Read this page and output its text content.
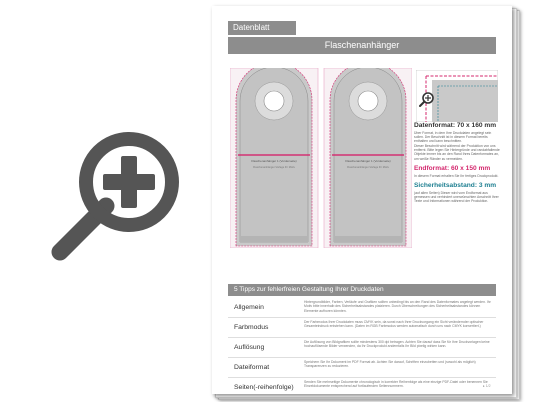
Datenblatt
Flaschenanhänger
Flaschenanhänger 1 (Vorderseite)	Flaschenanhänger 1 (Vorderseite)
Flaschenanhänger-Vorlage Ihr Motiv	Flaschenanhänger-Vorlage Ihr Motiv
Datenformat: 70 x 160 mm

Über Format, in dem Ihre Druckdaten angelegt sein sollen. Der Beschnitt ist in diesem Format bereits enthalten und kann beschnitten.

Dieser Beschnitt wird während der Produktion von uns entfernt. Bitte legen Sie Hintergründe und randabfallende Objekte immer bis an den Rand Ihres Datenformates an, um weiße Ränder zu vermeiden.

Endformat: 60 x 150 mm

In diesem Format erhalten Sie Ihr fertiges Druckprodukt.

Sicherheitsabstand: 3 mm

(auf allen Seiten) Dieser wird vom Endformat aus gemessen und verhindert unerwünschten Anschnitt Ihrer Texte und Informationen während der Produktion.

5 Tipps zur fehlerfreien Gestaltung Ihrer Druckdaten
Allgemein
Hintergrundbilder, Farben, Verläufe und Grafiken sollten unbedingt bis an den Rand des Datenformates angelegt werden. Ihr Motiv bitte innerhalb des Sicherheitsabstandes platzieren. Durch Überschreitungen des Sicherheitsabstandes können Elemente aufhoren könnten.
Farbmodus
Der Farbmodus Ihrer Druckdaten muss CMYK sein, da sonst nach Ihrer Druckvorgang ein Sicht verändernder optischer Gesamteindruck entstehen kann. (Daten im RGB Farbmodus werden automatisch durch uns nach CMYK konvertiert.)
Auflösung
Die Auflösung von Bildgrafiken sollte mindestens 300 dpi betragen. Achten Sie darauf dass Sie für Ihre Druckvorlagen keine hochauflösende Bilder verwenden, da Ihr Druckprodukt andernfalls Ihr Bild pixelig wirken kann.
Dateiformat
Speichern Sie Ihr Dokument im PDF Format ab. Achten Sie darauf, Schriften einzubetten und (sowohl als möglich) Transparenzen zu reduzieren.
Seiten(-reihenfolge)
Senden Sie mehrseitige Dokumente chronologisch in korrekter Reihenfolge als eine einzige PDF-Datei oder benennen Sie Einzeldokumente entsprechend auf fortlaufenden Seitennummern.	▸ 1/2
